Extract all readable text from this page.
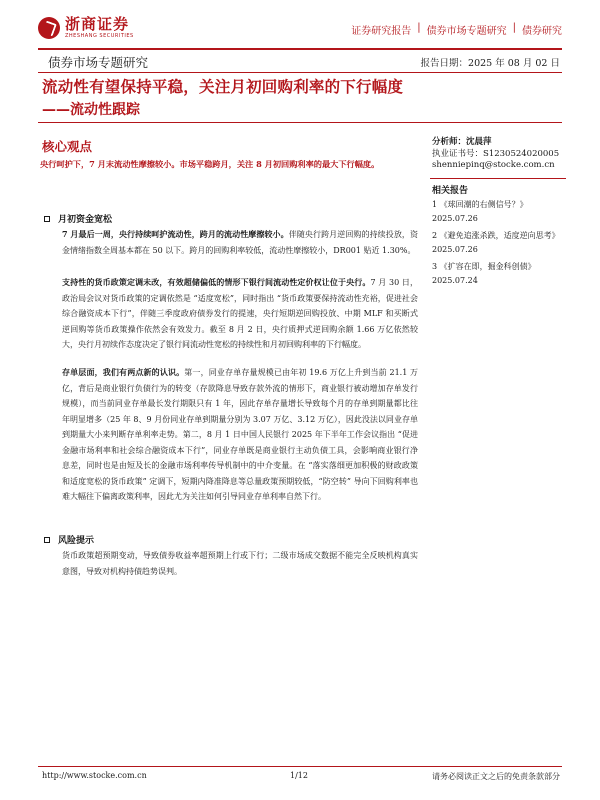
浙商证券
ZHESHANG SECURITIES	证券研究报告 | 债券市场专题研究 | 债券研究
债券市场专题研究	报告日期：2025 年 08 月 02 日
流动性有望保持平稳，关注月初回购利率的下行幅度
——流动性跟踪
核心观点
央行呵护下，7 月末流动性摩擦较小。市场平稳跨月，关注 8 月初回购利率的最大下行幅度。
月初资金宽松
7 月最后一周，央行持续呵护流动性，跨月的流动性摩擦较小。伴随央行跨月逆回购的持续投放，资金情绪指数全周基本都在 50 以下。跨月的回购利率较低，流动性摩擦较小，DR001 贴近 1.30%。
支持性的货币政策定调未改，有效超储偏低的情形下银行间流动性定价权让位于央行。7 月 30 日，政治局会议对货币政策的定调依然是 “适度宽松”，同时指出 “货币政策要保持流动性充裕，促进社会综合融资成本下行”，伴随三季度政府债券发行的提速，央行短期逆回购投放、中期 MLF 和买断式逆回购等货币政策操作依然会有效发力。截至 8 月 2 日，央行质押式逆回购余额 1.66 万亿依然较大，央行月初续作态度决定了银行间流动性宽松的持续性和月初回购利率的下行幅度。
存单层面，我们有两点新的认识。第一，同业存单存量规模已由年初 19.6 万亿上升到当前 21.1 万亿，背后是商业银行负债行为的转变（存款降息导致存款外流的情形下，商业银行被动增加存单发行规模），而当前同业存单最长发行期限只有 1 年，因此存单存量增长导致每个月的存单到期量都比往年明显增多（25 年 8、9 月份同业存单到期量分别为 3.07 万亿、3.12 万亿），因此没法以同业存单到期量大小来判断存单利率走势。第二，8 月 1 日中国人民银行 2025 年下半年工作会议指出 “促进金融市场利率和社会综合融资成本下行”，同业存单既是商业银行主动负债工具，会影响商业银行净息差，同时也是由短及长的金融市场利率传导机制中的中介变量。在 “落实落细更加积极的财政政策和适度宽松的货币政策” 定调下，短期内降准降息等总量政策预期较低，“防空转” 导向下回购利率也难大幅往下偏离政策利率，因此尤为关注如何引导同业存单利率自然下行。
风险提示
货币政策超预期变动，导致债券收益率超预期上行或下行；二级市场成交数据不能完全反映机构真实意图，导致对机构持债趋势误判。
分析师：沈晨萍
执业证书号：S1230524020005
shenniepinq@stocke.com.cn
相关报告
1 《球回潮的右侧信号？》
2025.07.26
2 《避免追涨杀跌，适度逆向思考》 2025.07.26
3 《扩容在即，掘金科创债》
2025.07.24
http://www.stocke.com.cn	1/12	请务必阅读正文之后的免责条款部分
